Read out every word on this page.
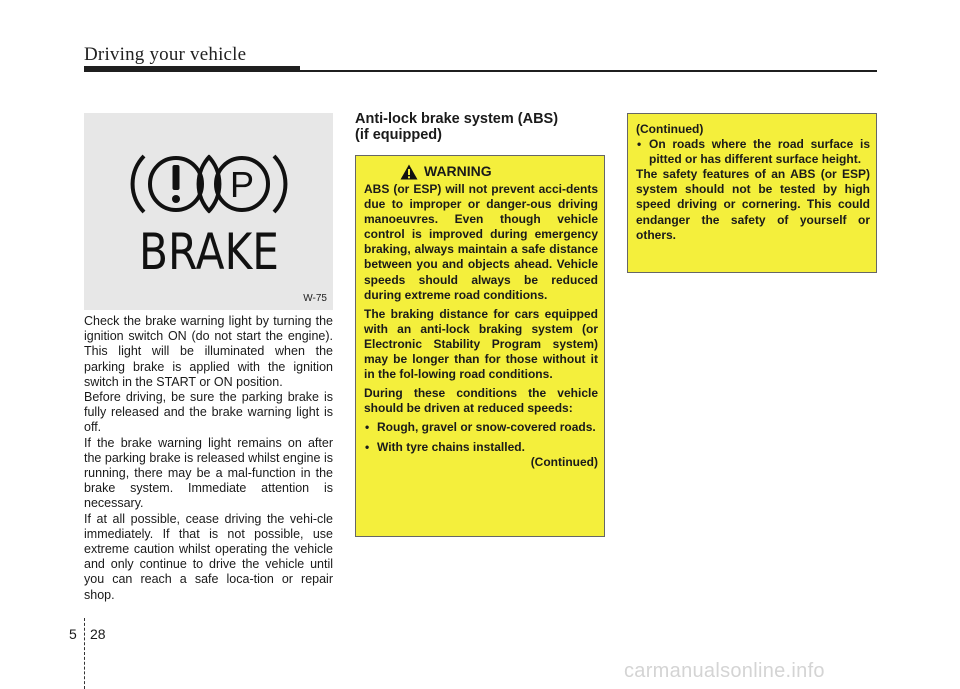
Driving your vehicle
P
BRAKE
W-75

Check the brake warning light by turning the ignition switch ON (do not start the engine). This light will be illuminated when the parking brake is applied with the ignition switch in the START or ON position.

Before driving, be sure the parking brake is fully released and the brake warning light is off.

If the brake warning light remains on after the parking brake is released whilst engine is running, there may be a mal-function in the brake system. Immediate attention is necessary.

If at all possible, cease driving the vehi-cle immediately. If that is not possible, use extreme caution whilst operating the vehicle and only continue to drive the vehicle until you can reach a safe loca-tion or repair shop.

Anti-lock brake system (ABS)
(if equipped)
WARNING

ABS (or ESP) will not prevent acci-dents due to improper or danger-ous driving manoeuvres. Even though vehicle control is improved during emergency braking, always maintain a safe distance between you and objects ahead. Vehicle speeds should always be reduced during extreme road conditions.

The braking distance for cars equipped with an anti-lock braking system (or Electronic Stability Program system) may be longer than for those without it in the fol-lowing road conditions.

During these conditions the vehicle should be driven at reduced speeds:

• Rough, gravel or snow-covered roads.
• With tyre chains installed.
(Continued)

(Continued)

• On roads where the road surface is pitted or has different surface height.

The safety features of an ABS (or ESP) system should not be tested by high speed driving or cornering. This could endanger the safety of yourself or others.

5 28
carmanualsonline.info
